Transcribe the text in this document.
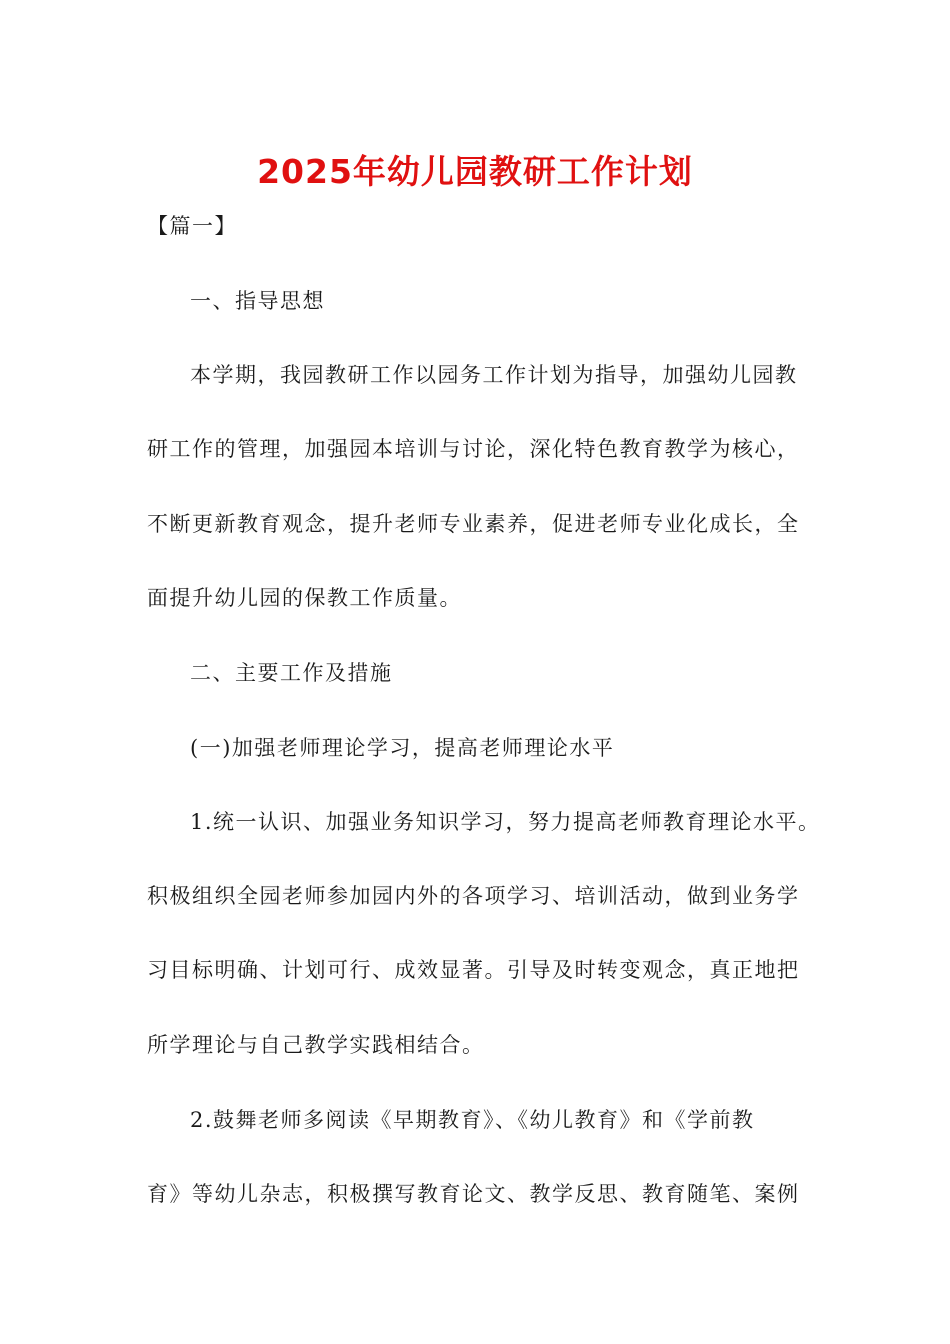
2025年幼儿园教研工作计划
【篇一】
一、指导思想
本学期，我园教研工作以园务工作计划为指导，加强幼儿园教
研工作的管理，加强园本培训与讨论，深化特色教育教学为核心，
不断更新教育观念，提升老师专业素养，促进老师专业化成长，全
面提升幼儿园的保教工作质量。
二、主要工作及措施
(一)加强老师理论学习，提高老师理论水平
1.统一认识、加强业务知识学习，努力提高老师教育理论水平。
积极组织全园老师参加园内外的各项学习、培训活动，做到业务学
习目标明确、计划可行、成效显著。引导及时转变观念，真正地把
所学理论与自己教学实践相结合。
2.鼓舞老师多阅读《早期教育》、《幼儿教育》和《学前教
育》等幼儿杂志，积极撰写教育论文、教学反思、教育随笔、案例
